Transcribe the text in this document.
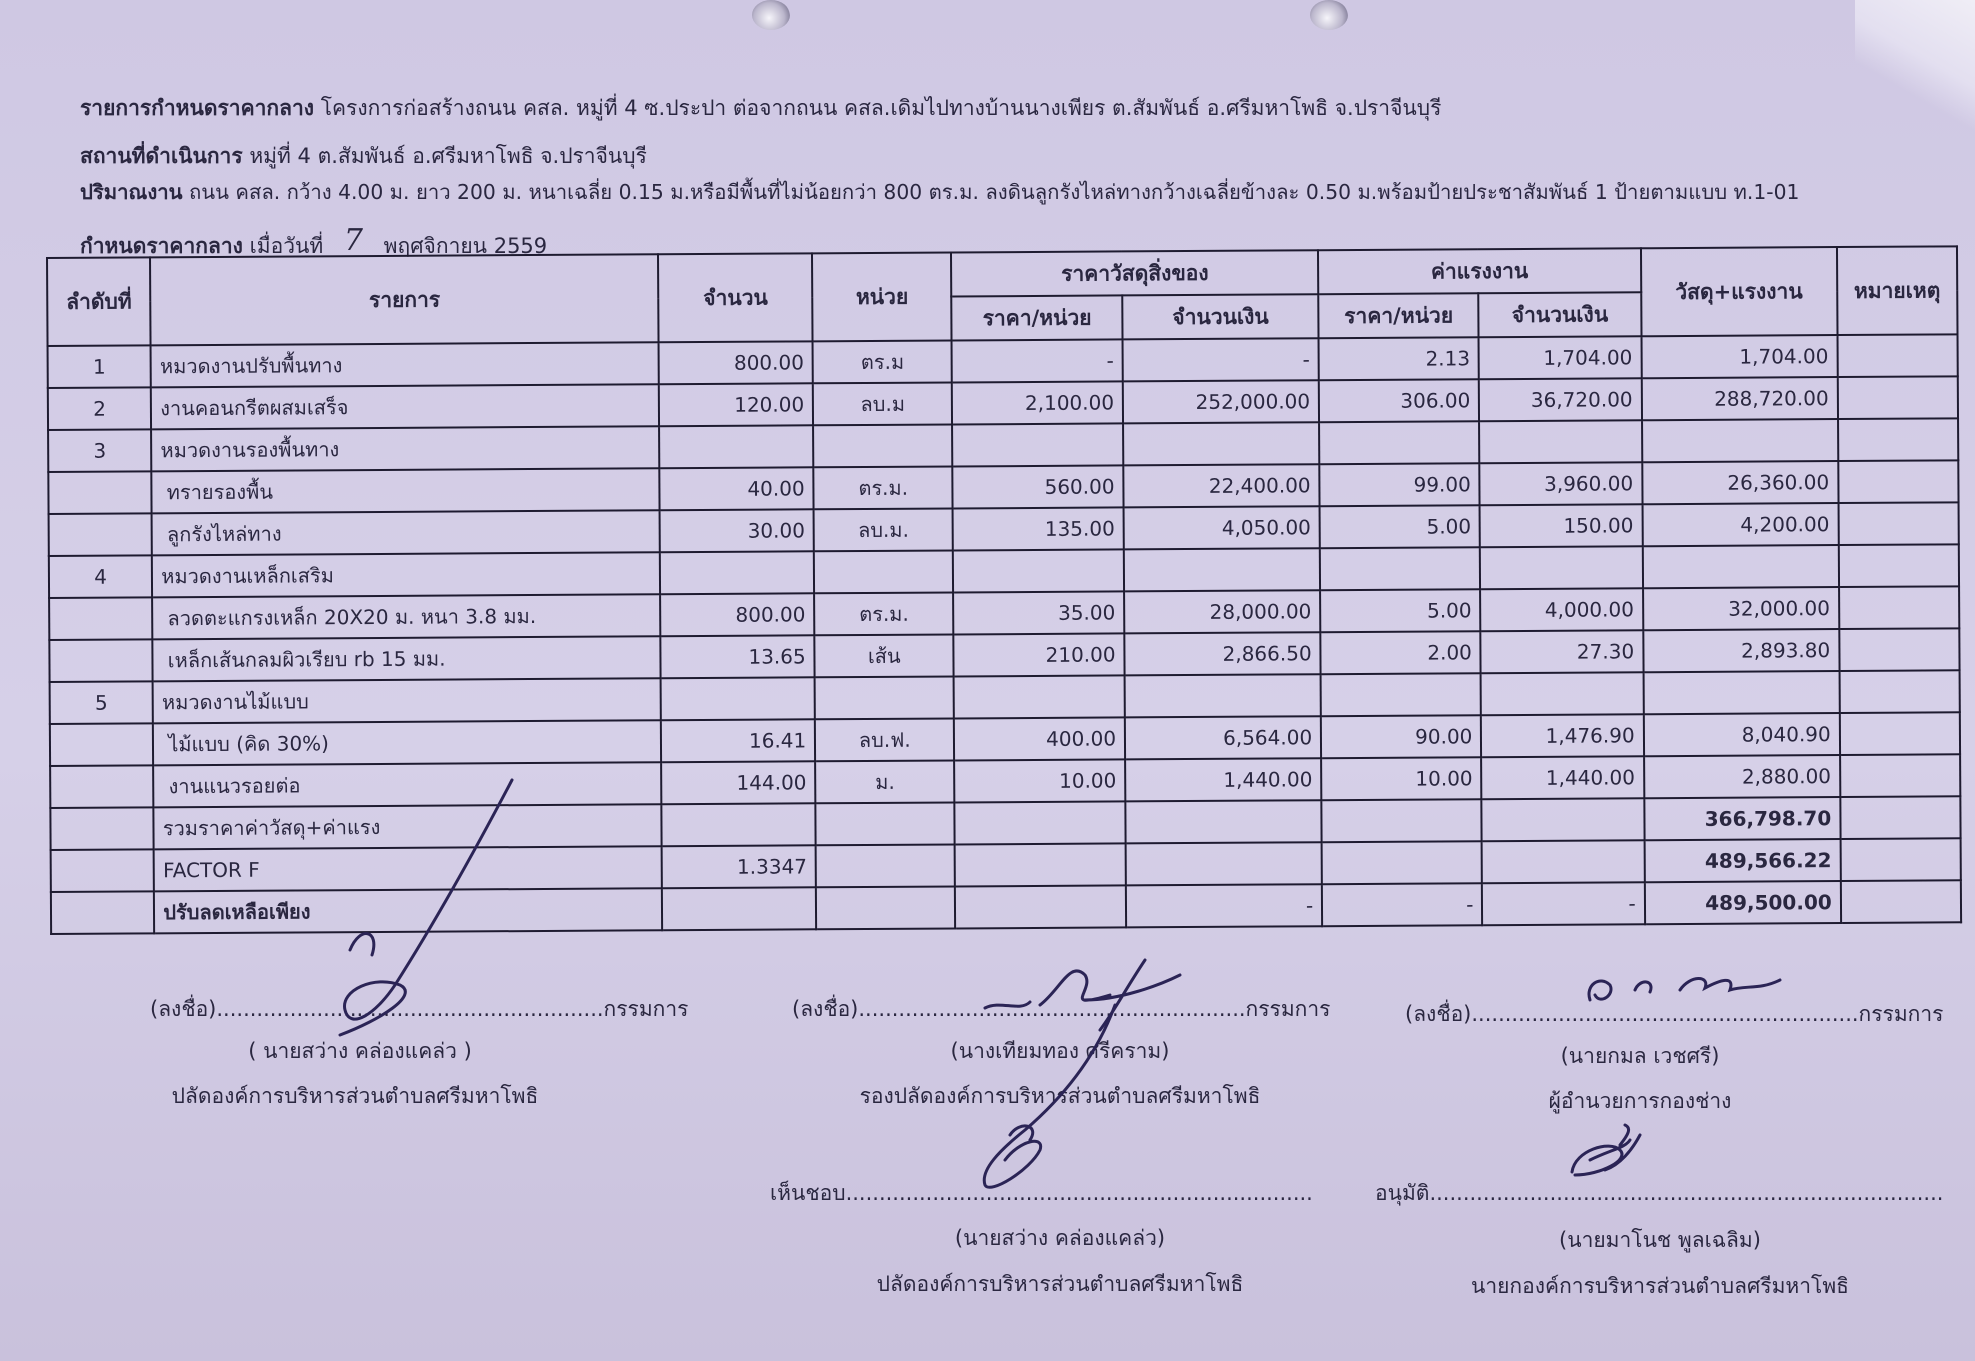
รายการกำหนดราคากลาง โครงการก่อสร้างถนน คสล. หมู่ที่ 4 ซ.ประปา ต่อจากถนน คสล.เดิมไปทางบ้านนางเพียร ต.สัมพันธ์ อ.ศรีมหาโพธิ จ.ปราจีนบุรี
สถานที่ดำเนินการ หมู่ที่ 4 ต.สัมพันธ์ อ.ศรีมหาโพธิ จ.ปราจีนบุรี
ปริมาณงาน ถนน คสล. กว้าง 4.00 ม. ยาว 200 ม. หนาเฉลี่ย 0.15 ม.หรือมีพื้นที่ไม่น้อยกว่า 800 ตร.ม. ลงดินลูกรังไหล่ทางกว้างเฉลี่ยข้างละ 0.50 ม.พร้อมป้ายประชาสัมพันธ์ 1 ป้ายตามแบบ ท.1-01
กำหนดราคากลาง เมื่อวันที่ 7 พฤศจิกายน 2559
ลำดับที่	รายการ	จำนวน	หน่วย	ราคาวัสดุสิ่งของ		ค่าแรงงาน		วัสดุ+แรงงาน	หมายเหตุ
				ราคา/หน่วย	จำนวนเงิน	ราคา/หน่วย	จำนวนเงิน		
1	หมวดงานปรับพื้นทาง	800.00	ตร.ม	-	-	2.13	1,704.00	1,704.00	
2	งานคอนกรีตผสมเสร็จ	120.00	ลบ.ม	2,100.00	252,000.00	306.00	36,720.00	288,720.00	
3	หมวดงานรองพื้นทาง								
	ทรายรองพื้น	40.00	ตร.ม.	560.00	22,400.00	99.00	3,960.00	26,360.00	
	ลูกรังไหล่ทาง	30.00	ลบ.ม.	135.00	4,050.00	5.00	150.00	4,200.00	
4	หมวดงานเหล็กเสริม								
	ลวดตะแกรงเหล็ก 20X20 ม. หนา 3.8 มม.	800.00	ตร.ม.	35.00	28,000.00	5.00	4,000.00	32,000.00	
	เหล็กเส้นกลมผิวเรียบ rb 15 มม.	13.65	เส้น	210.00	2,866.50	2.00	27.30	2,893.80	
5	หมวดงานไม้แบบ								
	ไม้แบบ (คิด 30%)	16.41	ลบ.ฟ.	400.00	6,564.00	90.00	1,476.90	8,040.90	
	งานแนวรอยต่อ	144.00	ม.	10.00	1,440.00	10.00	1,440.00	2,880.00	
	รวมราคาค่าวัสดุ+ค่าแรง							366,798.70	
	FACTOR F	1.3347						489,566.22	
	ปรับลดเหลือเพียง				-	-	-	489,500.00	
(ลงชื่อ)..........................................................กรรมการ
( นายสว่าง คล่องแคล่ว )
ปลัดองค์การบริหารส่วนตำบลศรีมหาโพธิ
(ลงชื่อ)..........................................................กรรมการ
(นางเทียมทอง ศรีคราม)
รองปลัดองค์การบริหารส่วนตำบลศรีมหาโพธิ
(ลงชื่อ)..........................................................กรรมการ
(นายกมล เวชศรี)
ผู้อำนวยการกองช่าง
เห็นชอบ......................................................................
(นายสว่าง คล่องแคล่ว)
ปลัดองค์การบริหารส่วนตำบลศรีมหาโพธิ
อนุมัติ.............................................................................
(นายมาโนช พูลเฉลิม)
นายกองค์การบริหารส่วนตำบลศรีมหาโพธิ
